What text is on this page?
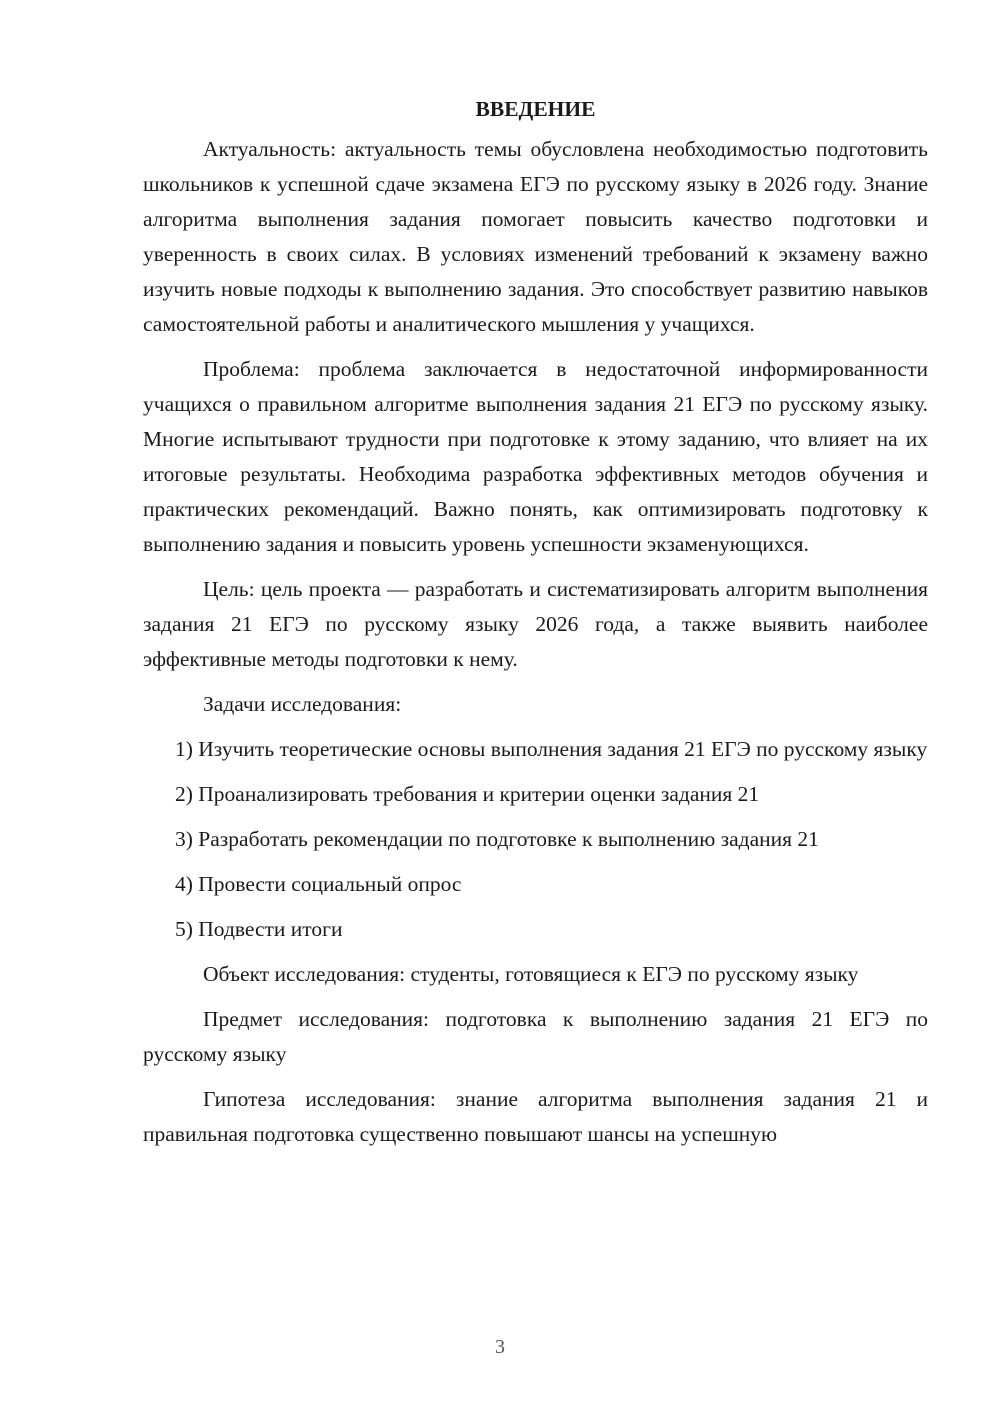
ВВЕДЕНИЕ

Актуальность: актуальность темы обусловлена необходимостью подготовить школьников к успешной сдаче экзамена ЕГЭ по русскому языку в 2026 году. Знание алгоритма выполнения задания помогает повысить качество подготовки и уверенность в своих силах. В условиях изменений требований к экзамену важно изучить новые подходы к выполнению задания. Это способствует развитию навыков самостоятельной работы и аналитического мышления у учащихся.

Проблема: проблема заключается в недостаточной информированности учащихся о правильном алгоритме выполнения задания 21 ЕГЭ по русскому языку. Многие испытывают трудности при подготовке к этому заданию, что влияет на их итоговые результаты. Необходима разработка эффективных методов обучения и практических рекомендаций. Важно понять, как оптимизировать подготовку к выполнению задания и повысить уровень успешности экзаменующихся.

Цель: цель проекта — разработать и систематизировать алгоритм выполнения задания 21 ЕГЭ по русскому языку 2026 года, а также выявить наиболее эффективные методы подготовки к нему.

Задачи исследования:

1) Изучить теоретические основы выполнения задания 21 ЕГЭ по русскому языку

2) Проанализировать требования и критерии оценки задания 21

3) Разработать рекомендации по подготовке к выполнению задания 21

4) Провести социальный опрос

5) Подвести итоги

Объект исследования: студенты, готовящиеся к ЕГЭ по русскому языку

Предмет исследования: подготовка к выполнению задания 21 ЕГЭ по русскому языку

Гипотеза исследования: знание алгоритма выполнения задания 21 и правильная подготовка существенно повышают шансы на успешную

3
